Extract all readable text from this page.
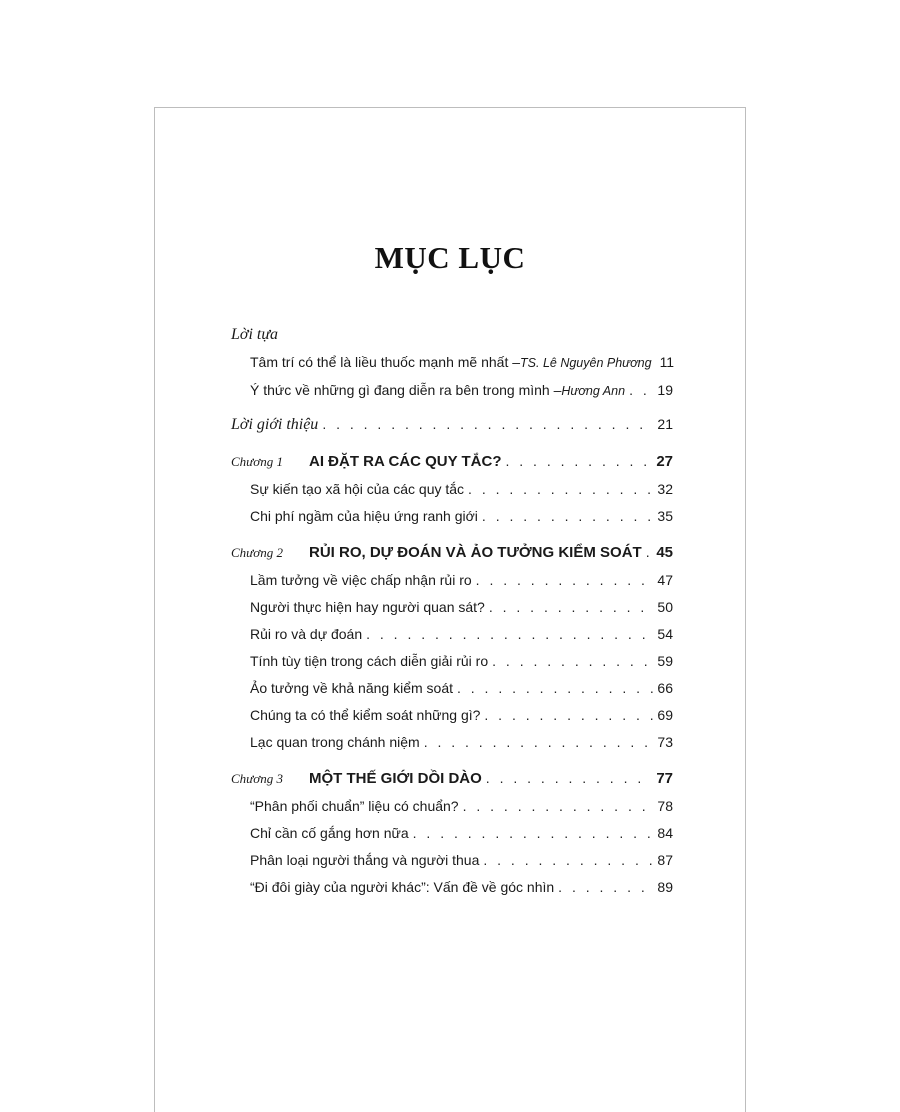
MỤC LỤC
Lời tựa
Tâm trí có thể là liều thuốc mạnh mẽ nhất – TS. Lê Nguyên Phương 11
Ý thức về những gì đang diễn ra bên trong mình – Hương Ann . . . 19
Lời giới thiệu . . .	21
Chương 1	AI ĐẶT RA CÁC QUY TẮC? . . .	27
Sự kiến tạo xã hội của các quy tắc . . .	32
Chi phí ngầm của hiệu ứng ranh giới . . .	35
Chương 2	RỦI RO, DỰ ĐOÁN VÀ ẢO TƯỞNG KIỂM SOÁT . . . 45
Lầm tưởng về việc chấp nhận rủi ro . . .	47
Người thực hiện hay người quan sát? . . .	50
Rủi ro và dự đoán . . .	54
Tính tùy tiện trong cách diễn giải rủi ro . . .	59
Ảo tưởng về khả năng kiểm soát . . .	66
Chúng ta có thể kiểm soát những gì? . . .	69
Lạc quan trong chánh niệm . . .	73
Chương 3	MỘT THẾ GIỚI DỒI DÀO . . .	77
“Phân phối chuẩn” liệu có chuẩn? . . .	78
Chỉ cần cố gắng hơn nữa . . .	84
Phân loại người thắng và người thua . . .	87
“Đi đôi giày của người khác”: Vấn đề về góc nhìn . . .	89
